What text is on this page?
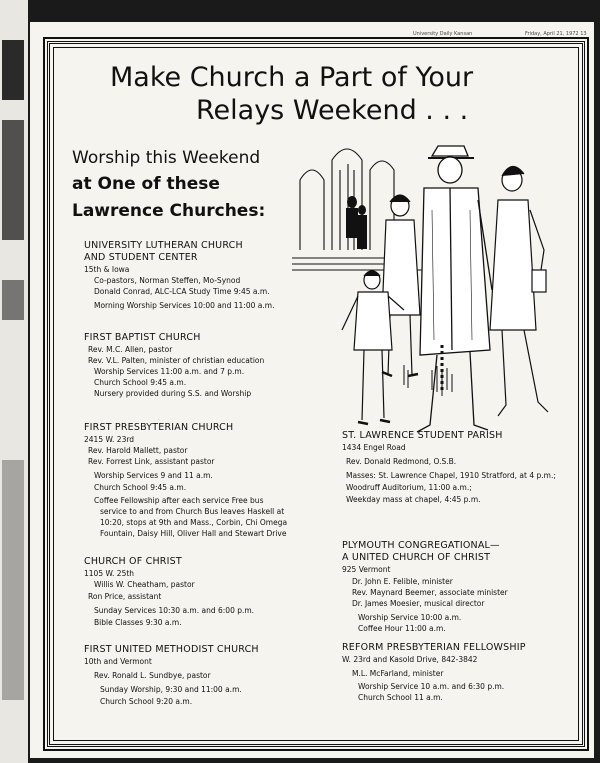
University Daily Kansan	Friday, April 21, 1972 13
Make Church a Part of Your
Relays Weekend . . .
Worship this Weekend
at One of these
Lawrence Churches:
UNIVERSITY LUTHERAN CHURCH
AND STUDENT CENTER
15th & Iowa
Co-pastors, Norman Steffen, Mo-Synod
Donald Conrad, ALC-LCA Study Time 9:45 a.m.
Morning Worship Services 10:00 and 11:00 a.m.
FIRST BAPTIST CHURCH
Rev. M.C. Allen, pastor
Rev. V.L. Palten, minister of christian education
Worship Services 11:00 a.m. and 7 p.m.
Church School 9:45 a.m.
Nursery provided during S.S. and Worship
FIRST PRESBYTERIAN CHURCH
2415 W. 23rd
Rev. Harold Mallett, pastor
Rev. Forrest Link, assistant pastor
Worship Services 9 and 11 a.m.
Church School 9:45 a.m.
Coffee Fellowship after each service Free bus
service to and from Church Bus leaves Haskell at
10:20, stops at 9th and Mass., Corbin, Chi Omega
Fountain, Daisy Hill, Oliver Hall and Stewart Drive
CHURCH OF CHRIST
1105 W. 25th
Willis W. Cheatham, pastor
Ron Price, assistant
Sunday Services 10:30 a.m. and 6:00 p.m.
Bible Classes 9:30 a.m.
FIRST UNITED METHODIST CHURCH
10th and Vermont
Rev. Ronald L. Sundbye, pastor
Sunday Worship, 9:30 and 11:00 a.m.
Church School 9:20 a.m.
ST. LAWRENCE STUDENT PARISH
1434 Engel Road
Rev. Donald Redmond, O.S.B.
Masses: St. Lawrence Chapel, 1910 Stratford, at 4 p.m.;
Woodruff Auditorium, 11:00 a.m.;
Weekday mass at chapel, 4:45 p.m.
PLYMOUTH CONGREGATIONAL—
A UNITED CHURCH OF CHRIST
925 Vermont
Dr. John E. Felible, minister
Rev. Maynard Beemer, associate minister
Dr. James Moesier, musical director
Worship Service 10:00 a.m.
Coffee Hour 11:00 a.m.
REFORM PRESBYTERIAN FELLOWSHIP
W. 23rd and Kasold Drive, 842-3842
M.L. McFarland, minister
Worship Service 10 a.m. and 6:30 p.m.
Church School 11 a.m.
